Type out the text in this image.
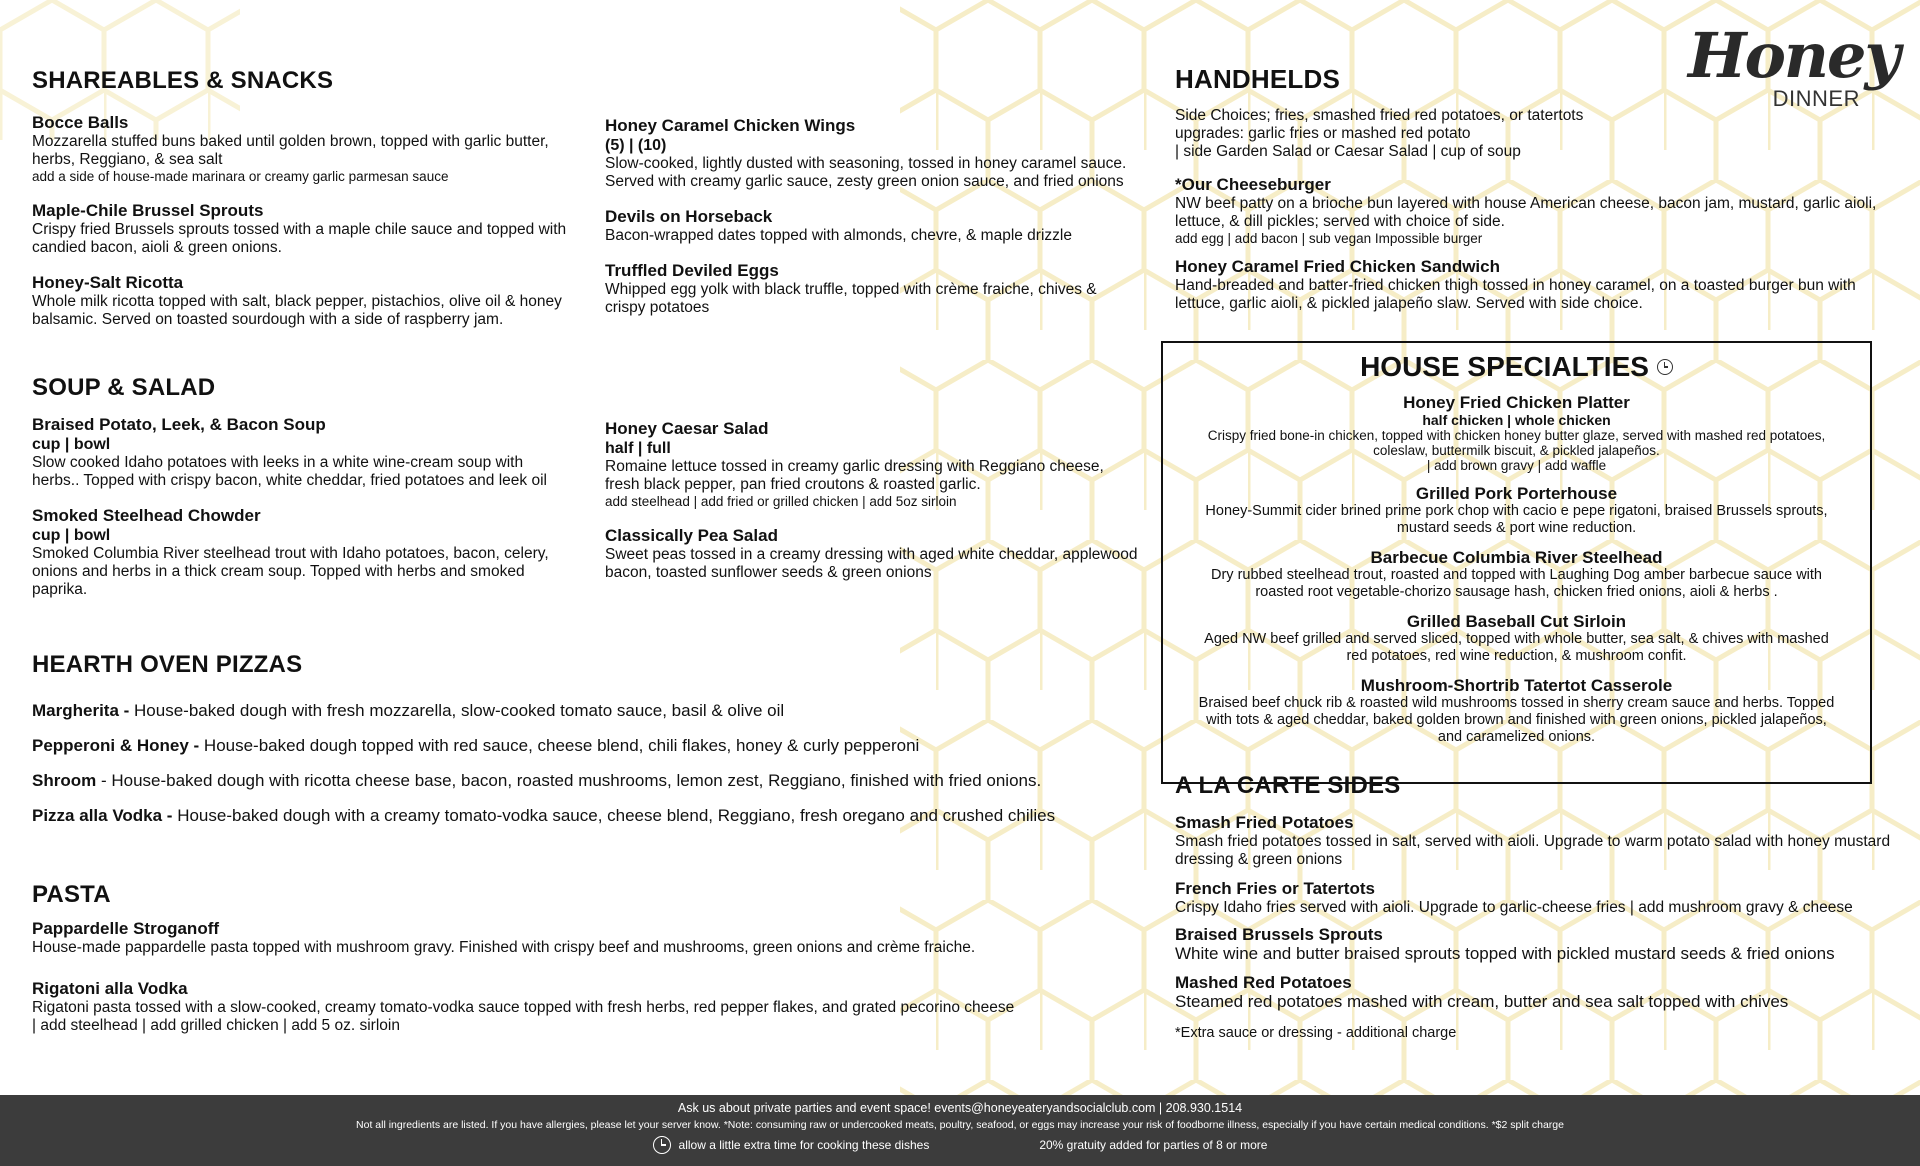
Honey
DINNER
SHAREABLES & SNACKS
Bocce Balls
Mozzarella stuffed buns baked until golden brown, topped with garlic butter, herbs, Reggiano, & sea salt
add a side of house-made marinara or creamy garlic parmesan sauce
Maple-Chile Brussel Sprouts
Crispy fried Brussels sprouts tossed with a maple chile sauce and topped with candied bacon, aioli & green onions.
Honey-Salt Ricotta
Whole milk ricotta topped with salt, black pepper, pistachios, olive oil & honey balsamic. Served on toasted sourdough with a side of raspberry jam.
Honey Caramel Chicken Wings
(5) | (10)
Slow-cooked, lightly dusted with seasoning, tossed in honey caramel sauce. Served with creamy garlic sauce, zesty green onion sauce, and fried onions
Devils on Horseback
Bacon-wrapped dates topped with almonds, chevre, & maple drizzle
Truffled Deviled Eggs
Whipped egg yolk with black truffle, topped with crème fraiche, chives & crispy potatoes
SOUP & SALAD
Braised Potato, Leek, & Bacon Soup
cup | bowl
Slow cooked Idaho potatoes with leeks in a white wine-cream soup with herbs.. Topped with crispy bacon, white cheddar, fried potatoes and leek oil
Smoked Steelhead Chowder
cup | bowl
Smoked Columbia River steelhead trout with Idaho potatoes, bacon, celery, onions and herbs in a thick cream soup. Topped with herbs and smoked paprika.
Honey Caesar Salad
half | full
Romaine lettuce tossed in creamy garlic dressing with Reggiano cheese, fresh black pepper, pan fried croutons & roasted garlic.
add steelhead | add fried or grilled chicken | add 5oz sirloin
Classically Pea Salad
Sweet peas tossed in a creamy dressing with aged white cheddar, applewood bacon, toasted sunflower seeds & green onions
HEARTH OVEN PIZZAS
Margherita - House-baked dough with fresh mozzarella, slow-cooked tomato sauce, basil & olive oil
Pepperoni & Honey - House-baked dough topped with red sauce, cheese blend, chili flakes, honey & curly pepperoni
Shroom - House-baked dough with ricotta cheese base, bacon, roasted mushrooms, lemon zest, Reggiano, finished with fried onions.
Pizza alla Vodka - House-baked dough with a creamy tomato-vodka sauce, cheese blend, Reggiano, fresh oregano and crushed chilies
PASTA
Pappardelle Stroganoff
House-made pappardelle pasta topped with mushroom gravy. Finished with crispy beef and mushrooms, green onions and crème fraiche.
Rigatoni alla Vodka
Rigatoni pasta tossed with a slow-cooked, creamy tomato-vodka sauce topped with fresh herbs, red pepper flakes, and grated pecorino cheese
| add steelhead | add grilled chicken | add 5 oz. sirloin
HANDHELDS
Side Choices; fries, smashed fried red potatoes, or tatertots
upgrades: garlic fries or mashed red potato
| side Garden Salad or Caesar Salad | cup of soup
*Our Cheeseburger
NW beef patty on a brioche bun layered with house American cheese, bacon jam, mustard, garlic aioli, lettuce, & dill pickles; served with choice of side.
add egg | add bacon | sub vegan Impossible burger
Honey Caramel Fried Chicken Sandwich
Hand-breaded and batter-fried chicken thigh tossed in honey caramel, on a toasted burger bun with lettuce, garlic aioli, & pickled jalapeño slaw. Served with side choice.
HOUSE SPECIALTIES
Honey Fried Chicken Platter
half chicken | whole chicken
Crispy fried bone-in chicken, topped with chicken honey butter glaze, served with mashed red potatoes, coleslaw, buttermilk biscuit, & pickled jalapeños.
| add brown gravy | add waffle
Grilled Pork Porterhouse
Honey-Summit cider brined prime pork chop with cacio e pepe rigatoni, braised Brussels sprouts, mustard seeds & port wine reduction.
Barbecue Columbia River Steelhead
Dry rubbed steelhead trout, roasted and topped with Laughing Dog amber barbecue sauce with roasted root vegetable-chorizo sausage hash, chicken fried onions, aioli & herbs .
Grilled Baseball Cut Sirloin
Aged NW beef grilled and served sliced, topped with whole butter, sea salt, & chives with mashed red potatoes, red wine reduction, & mushroom confit.
Mushroom-Shortrib Tatertot Casserole
Braised beef chuck rib & roasted wild mushrooms tossed in sherry cream sauce and herbs. Topped with tots & aged cheddar, baked golden brown and finished with green onions, pickled jalapeños, and caramelized onions.
A LA CARTE SIDES
Smash Fried Potatoes
Smash fried potatoes tossed in salt, served with aioli. Upgrade to warm potato salad with honey mustard dressing & green onions
French Fries or Tatertots
Crispy Idaho fries served with aioli. Upgrade to garlic-cheese fries | add mushroom gravy & cheese
Braised Brussels Sprouts
White wine and butter braised sprouts topped with pickled mustard seeds & fried onions
Mashed Red Potatoes
Steamed red potatoes mashed with cream, butter and sea salt topped with chives
*Extra sauce or dressing - additional charge
Ask us about private parties and event space! events@honeyeateryandsocialclub.com | 208.930.1514
Not all ingredients are listed. If you have allergies, please let your server know. *Note: consuming raw or undercooked meats, poultry, seafood, or eggs may increase your risk of foodborne illness, especially if you have certain medical conditions. *$2 split charge
allow a little extra time for cooking these dishes	20% gratuity added for parties of 8 or more
